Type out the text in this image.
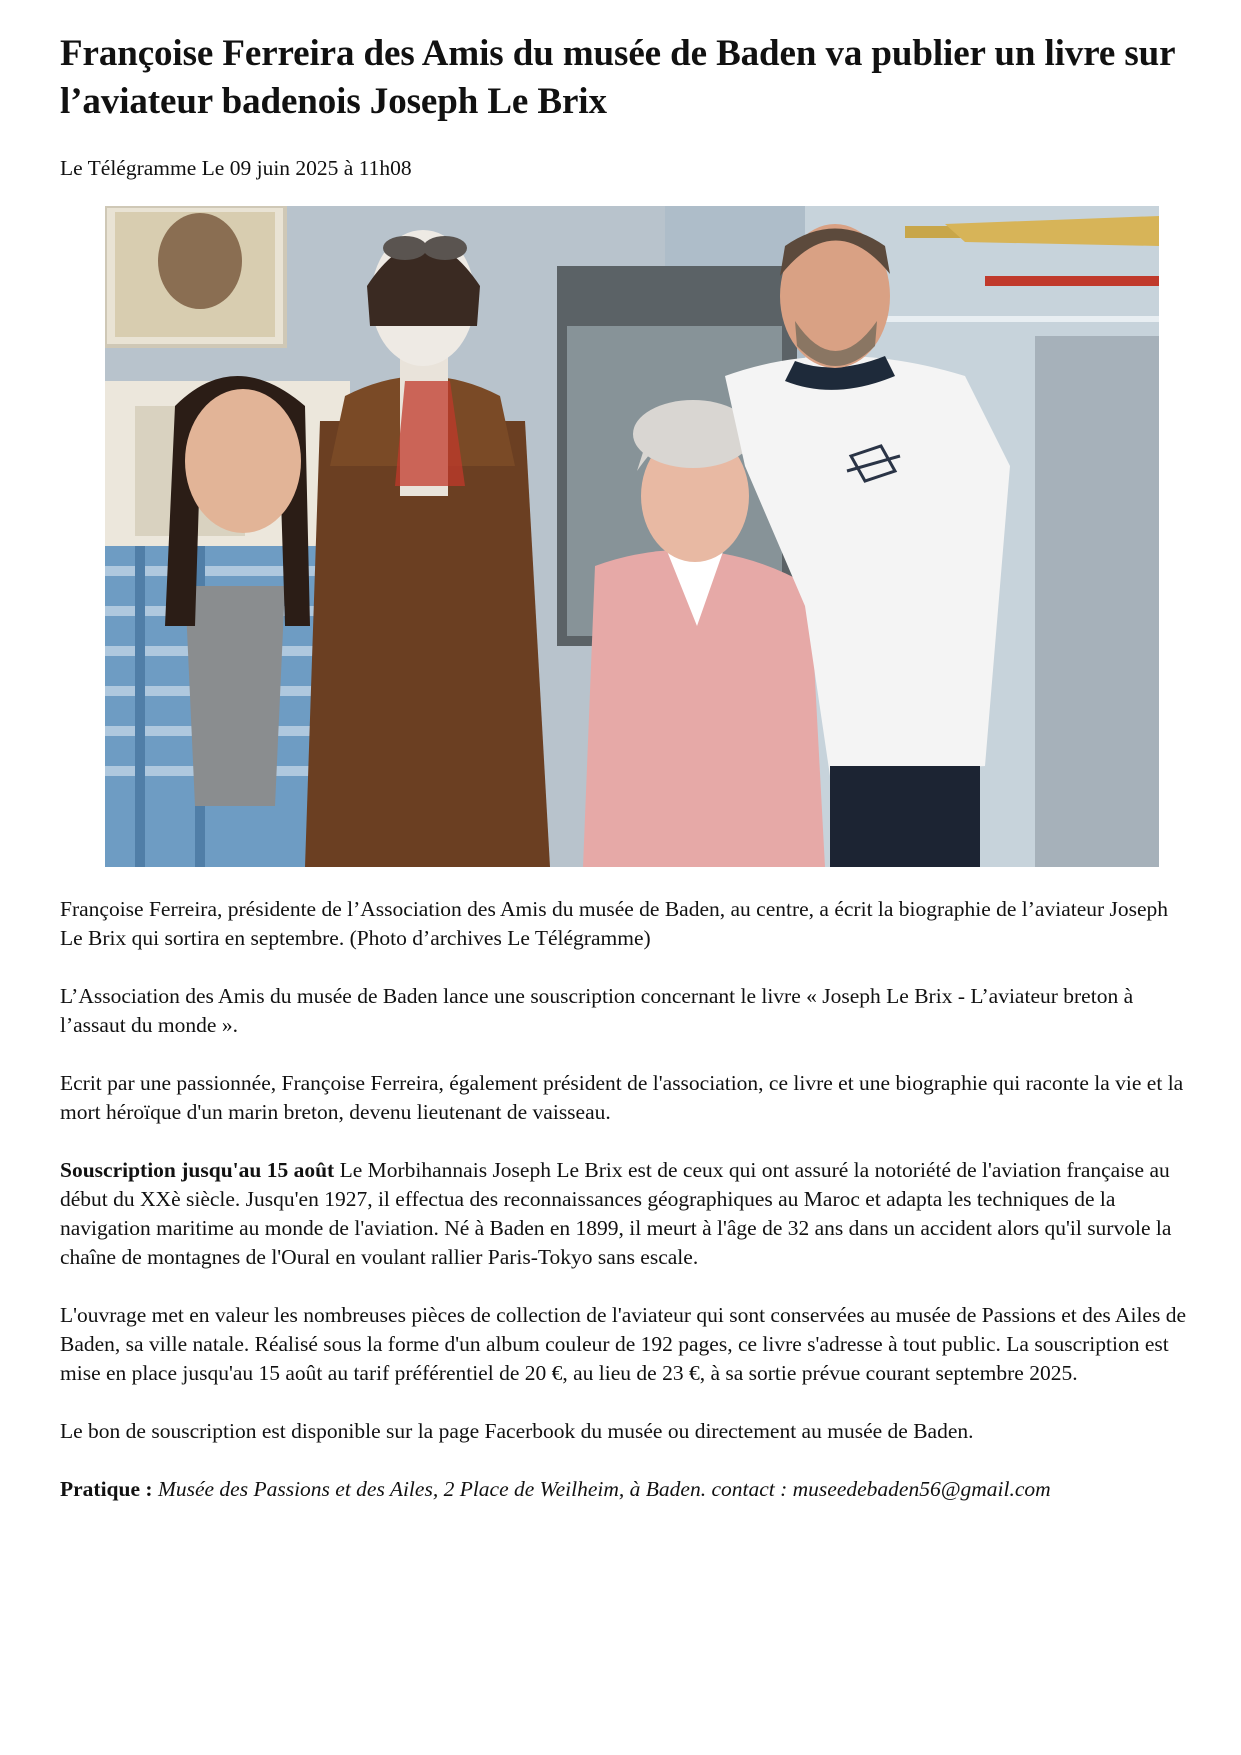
Françoise Ferreira des Amis du musée de Baden va publier un livre sur l’aviateur badenois Joseph Le Brix
Le Télégramme Le 09 juin 2025 à 11h08

Françoise Ferreira, présidente de l’Association des Amis du musée de Baden, au centre, a écrit la biographie de l’aviateur Joseph Le Brix qui sortira en septembre. (Photo d’archives Le Télégramme)

L’Association des Amis du musée de Baden lance une souscription concernant le livre « Joseph Le Brix - L’aviateur breton à l’assaut du monde ».

Ecrit par une passionnée, Françoise Ferreira, également président de l'association, ce livre et une biographie qui raconte la vie et la mort héroïque d'un marin breton, devenu lieutenant de vaisseau.

Souscription jusqu'au 15 août Le Morbihannais Joseph Le Brix est de ceux qui ont assuré la notoriété de l'aviation française au début du XXè siècle. Jusqu'en 1927, il effectua des reconnaissances géographiques au Maroc et adapta les techniques de la navigation maritime au monde de l'aviation. Né à Baden en 1899, il meurt à l'âge de 32 ans dans un accident alors qu'il survole la chaîne de montagnes de l'Oural en voulant rallier Paris-Tokyo sans escale.

L'ouvrage met en valeur les nombreuses pièces de collection de l'aviateur qui sont conservées au musée de Passions et des Ailes de Baden, sa ville natale. Réalisé sous la forme d'un album couleur de 192 pages, ce livre s'adresse à tout public. La souscription est mise en place jusqu'au 15 août au tarif préférentiel de 20 €, au lieu de 23 €, à sa sortie prévue courant septembre 2025.

Le bon de souscription est disponible sur la page Facerbook du musée ou directement au musée de Baden.

Pratique : Musée des Passions et des Ailes, 2 Place de Weilheim, à Baden. contact : museedebaden56@gmail.com
